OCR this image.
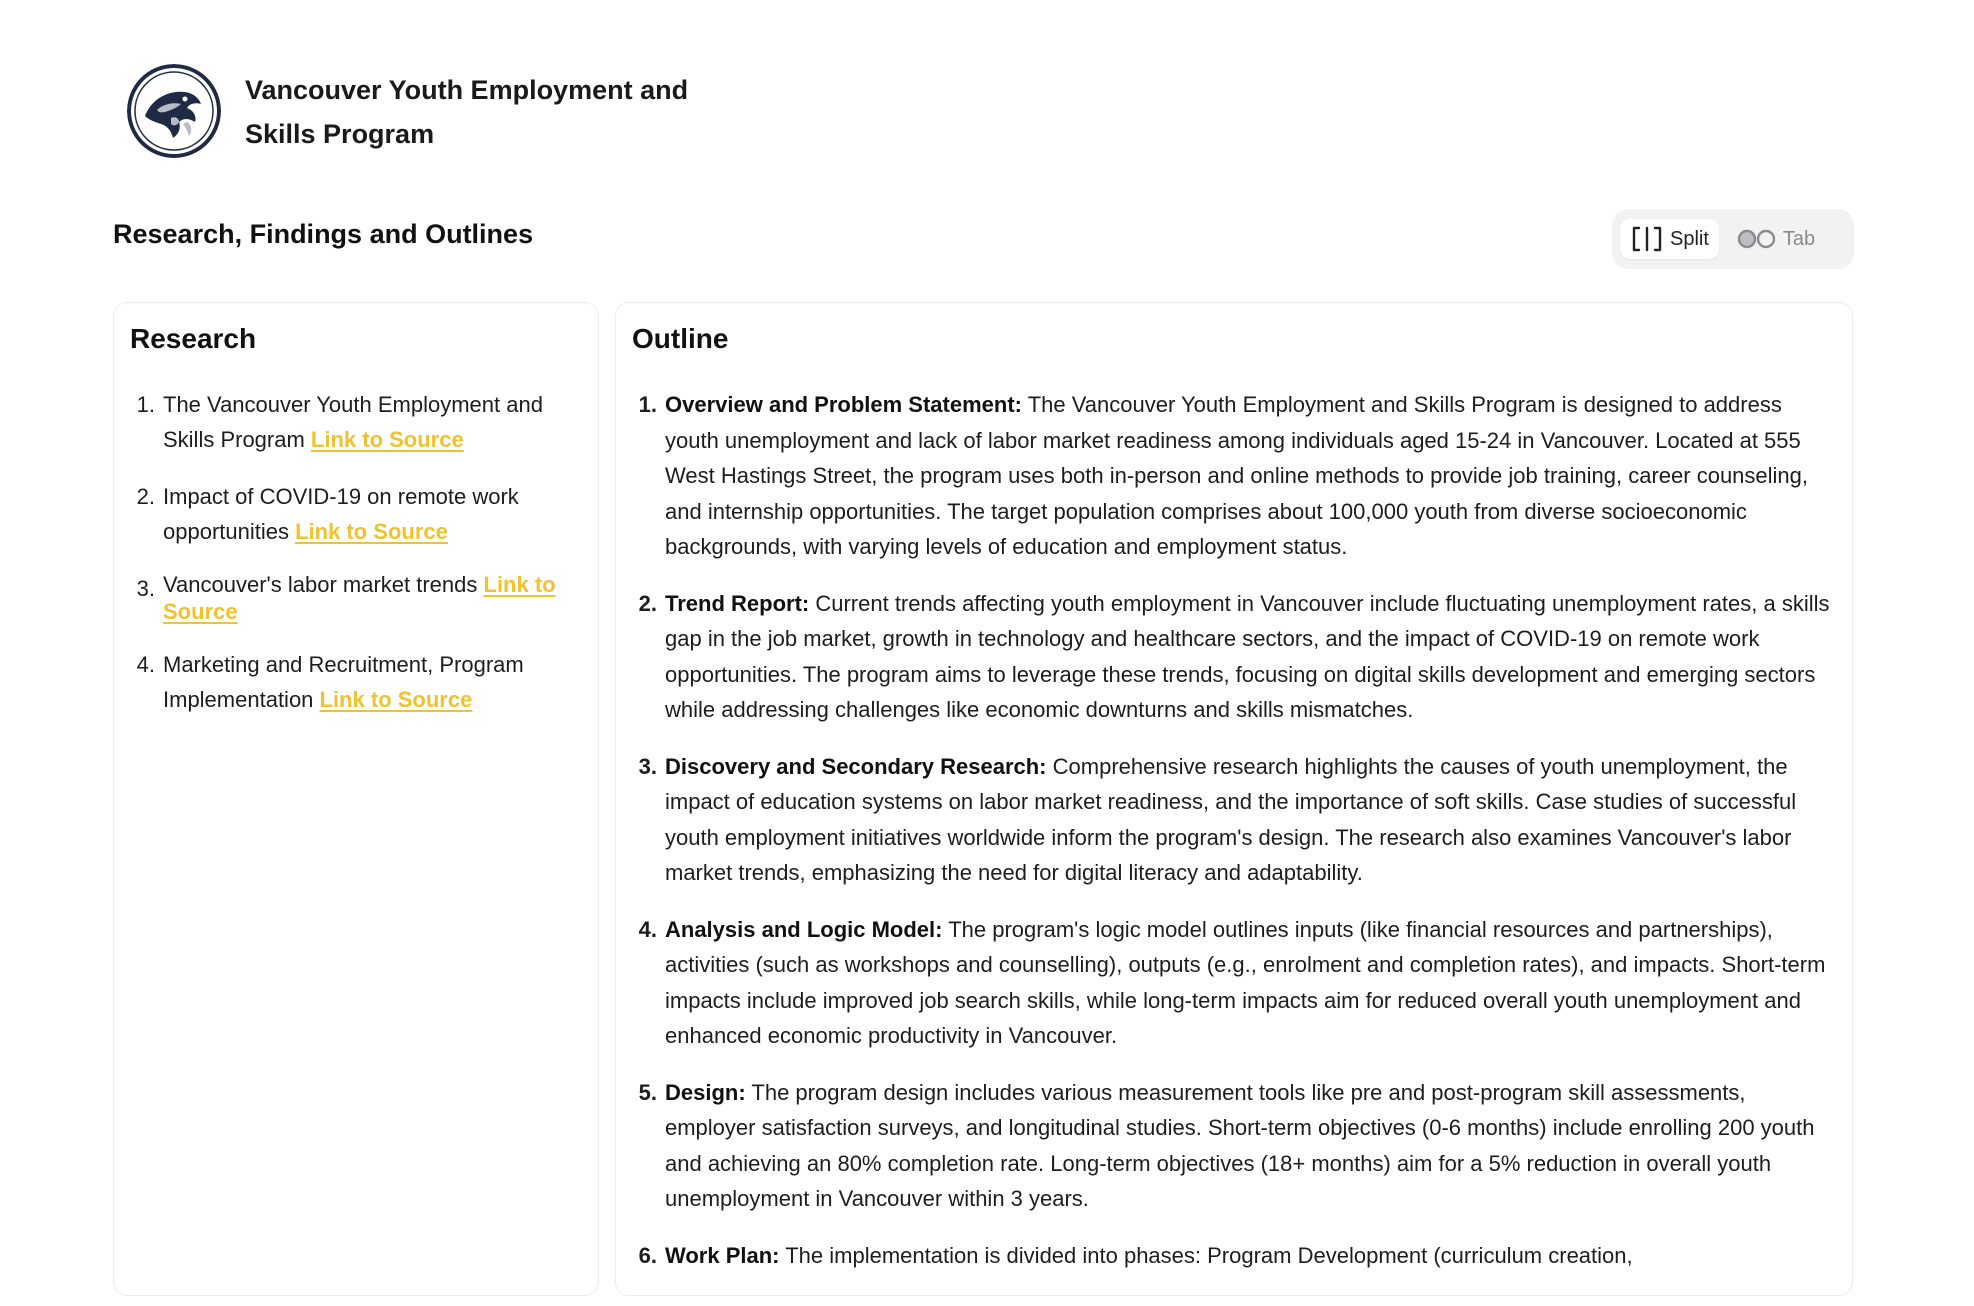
Vancouver Youth Employment and Skills Program
Research, Findings and Outlines	Split	Tab
Research
1. The Vancouver Youth Employment and Skills Program Link to Source
2. Impact of COVID-19 on remote work opportunities Link to Source
3. Vancouver's labor market trends Link to Source
4. Marketing and Recruitment, Program Implementation Link to Source
Outline
1. Overview and Problem Statement: The Vancouver Youth Employment and Skills Program is designed to address youth unemployment and lack of labor market readiness among individuals aged 15-24 in Vancouver. Located at 555 West Hastings Street, the program uses both in-person and online methods to provide job training, career counseling, and internship opportunities. The target population comprises about 100,000 youth from diverse socioeconomic backgrounds, with varying levels of education and employment status.
2. Trend Report: Current trends affecting youth employment in Vancouver include fluctuating unemployment rates, a skills gap in the job market, growth in technology and healthcare sectors, and the impact of COVID-19 on remote work opportunities. The program aims to leverage these trends, focusing on digital skills development and emerging sectors while addressing challenges like economic downturns and skills mismatches.
3. Discovery and Secondary Research: Comprehensive research highlights the causes of youth unemployment, the impact of education systems on labor market readiness, and the importance of soft skills. Case studies of successful youth employment initiatives worldwide inform the program's design. The research also examines Vancouver's labor market trends, emphasizing the need for digital literacy and adaptability.
4. Analysis and Logic Model: The program's logic model outlines inputs (like financial resources and partnerships), activities (such as workshops and counselling), outputs (e.g., enrolment and completion rates), and impacts. Short-term impacts include improved job search skills, while long-term impacts aim for reduced overall youth unemployment and enhanced economic productivity in Vancouver.
5. Design: The program design includes various measurement tools like pre and post-program skill assessments, employer satisfaction surveys, and longitudinal studies. Short-term objectives (0-6 months) include enrolling 200 youth and achieving an 80% completion rate. Long-term objectives (18+ months) aim for a 5% reduction in overall youth unemployment in Vancouver within 3 years.
6. Work Plan: The implementation is divided into phases: Program Development (curriculum creation,
